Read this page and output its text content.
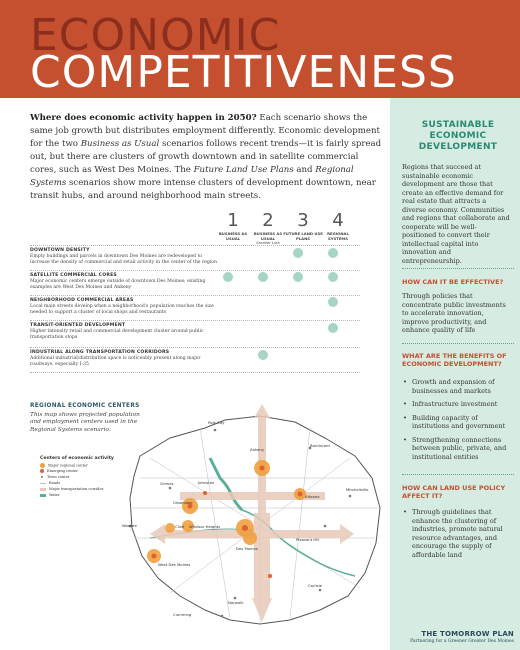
ECONOMIC
COMPETITIVENESS
Where does economic activity happen in 2050? Each scenario shows the same job growth but distributes employment differently. Economic development for the two Business as Usual scenarios follows recent trends—it is fairly spread out, but there are clusters of growth downtown and in satellite commercial cores, such as West Des Moines. The Future Land Use Plans and Regional Systems scenarios show more intense clusters of development downtown, near transit hubs, and around neighborhood main streets.
1
BUSINESS AS USUAL
2
BUSINESS AS USUAL
Smaller Lots
3
FUTURE LAND USE PLANS
4
REGIONAL SYSTEMS
DOWNTOWN DENSITY
Empty buildings and parcels in downtown Des Moines are redeveloped to increase the density of commercial and retail activity in the center of the region
SATELLITE COMMERCIAL CORES
Major economic centers emerge outside of downtown Des Moines; existing examples are West Des Moines and Ankeny
NEIGHBORHOOD COMMERCIAL AREAS
Local main streets develop when a neighborhood's population reaches the size needed to support a cluster of local shops and restaurants
TRANSIT-ORIENTED DEVELOPMENT
Higher intensity retail and commercial development cluster around public transportation stops
INDUSTRIAL ALONG TRANSPORTATION CORRIDORS
Additional industrial/distribution space is noticeably present along major roadways, especially I-35
REGIONAL ECONOMIC CENTERS
This map shows projected population and employment centers used in the Regional Systems scenario.
Polk City
Ankeny
Bondurant
Grimes	Johnston
Altoona
Mitchellville
Urbandale
Waukee	Clive Windsor Heights
Pleasant Hill
Des Moines
West Des Moines
Carlisle
Norwalk
Cumming
Centers of economic activity
Major regional center
Emerging center
Town center
Roads
Major transportation corridor
Water
SUSTAINABLE ECONOMIC DEVELOPMENT
Regions that succeed at sustainable economic development are those that create an effective demand for real estate that attracts a diverse economy. Communities and regions that collaborate and cooperate will be well-positioned to convert their intellectual capital into innovation and entrepreneurship.
HOW CAN IT BE EFFECTIVE?
Through policies that concentrate public investments to accelerate innovation, improve productivity, and enhance quality of life
WHAT ARE THE BENEFITS OF ECONOMIC DEVELOPMENT?
• Growth and expansion of businesses and markets
• Infrastructure investment
• Building capacity of institutions and government
• Strengthening connections between public, private, and institutional entities
HOW CAN LAND USE POLICY AFFECT IT?
• Through guidelines that enhance the clustering of industries, promote natural resource advantages, and encourage the supply of affordable land
THE TOMORROW PLAN
Partnering for a Greener Greater Des Moines
